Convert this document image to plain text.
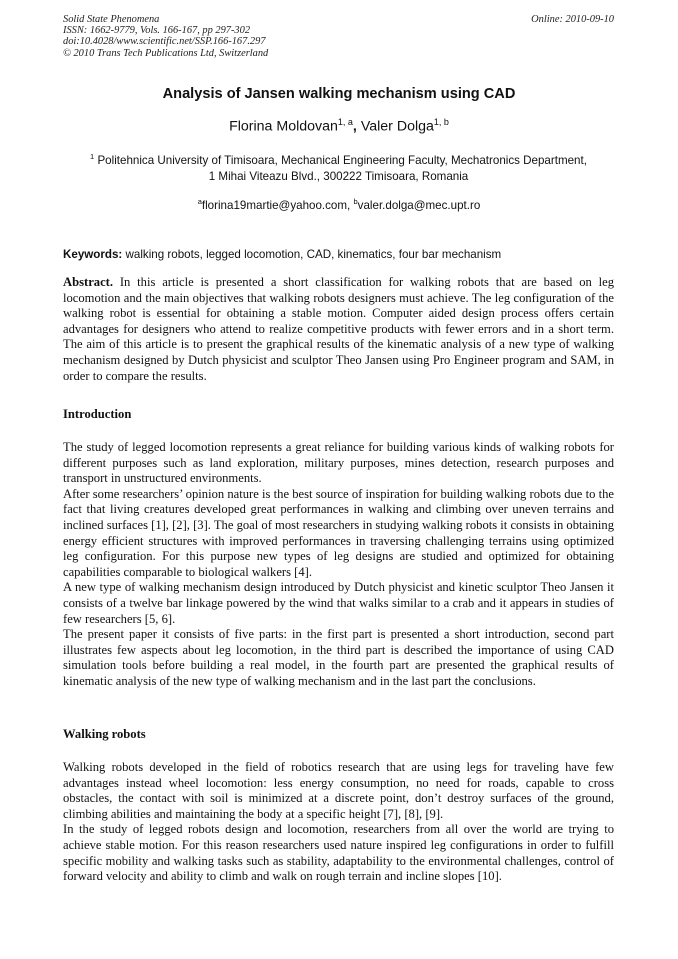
Solid State Phenomena
ISSN: 1662-9779, Vols. 166-167, pp 297-302
doi:10.4028/www.scientific.net/SSP.166-167.297
© 2010 Trans Tech Publications Ltd, Switzerland
Online: 2010-09-10
Analysis of Jansen walking mechanism using CAD
Florina Moldovan$^{1, a}$, Valer Dolga$^{1, b}$
$^1$ Politehnica University of Timisoara, Mechanical Engineering Faculty, Mechatronics Department,
1 Mihai Viteazu Blvd., 300222 Timisoara, Romania
$^a$florina19martie@yahoo.com, $^b$valer.dolga@mec.upt.ro
Keywords: walking robots, legged locomotion, CAD, kinematics, four bar mechanism

Abstract. In this article is presented a short classification for walking robots that are based on leg locomotion and the main objectives that walking robots designers must achieve. The leg configuration of the walking robot is essential for obtaining a stable motion. Computer aided design process offers certain advantages for designers who attend to realize competitive products with fewer errors and in a short term. The aim of this article is to present the graphical results of the kinematic analysis of a new type of walking mechanism designed by Dutch physicist and sculptor Theo Jansen using Pro Engineer program and SAM, in order to compare the results.

Introduction

The study of legged locomotion represents a great reliance for building various kinds of walking robots for different purposes such as land exploration, military purposes, mines detection, research purposes and transport in unstructured environments.

After some researchers’ opinion nature is the best source of inspiration for building walking robots due to the fact that living creatures developed great performances in walking and climbing over uneven terrains and inclined surfaces [1], [2], [3]. The goal of most researchers in studying walking robots it consists in obtaining energy efficient structures with improved performances in traversing challenging terrains using optimized leg configuration. For this purpose new types of leg designs are studied and optimized for obtaining capabilities comparable to biological walkers [4].

A new type of walking mechanism design introduced by Dutch physicist and kinetic sculptor Theo Jansen it consists of a twelve bar linkage powered by the wind that walks similar to a crab and it appears in studies of few researchers [5, 6].

The present paper it consists of five parts: in the first part is presented a short introduction, second part illustrates few aspects about leg locomotion, in the third part is described the importance of using CAD simulation tools before building a real model, in the fourth part are presented the graphical results of kinematic analysis of the new type of walking mechanism and in the last part the conclusions.

Walking robots

Walking robots developed in the field of robotics research that are using legs for traveling have few advantages instead wheel locomotion: less energy consumption, no need for roads, capable to cross obstacles, the contact with soil is minimized at a discrete point, don’t destroy surfaces of the ground, climbing abilities and maintaining the body at a specific height [7], [8], [9].

In the study of legged robots design and locomotion, researchers from all over the world are trying to achieve stable motion. For this reason researchers used nature inspired leg configurations in order to fulfill specific mobility and walking tasks such as stability, adaptability to the environmental challenges, control of forward velocity and ability to climb and walk on rough terrain and incline slopes [10].
